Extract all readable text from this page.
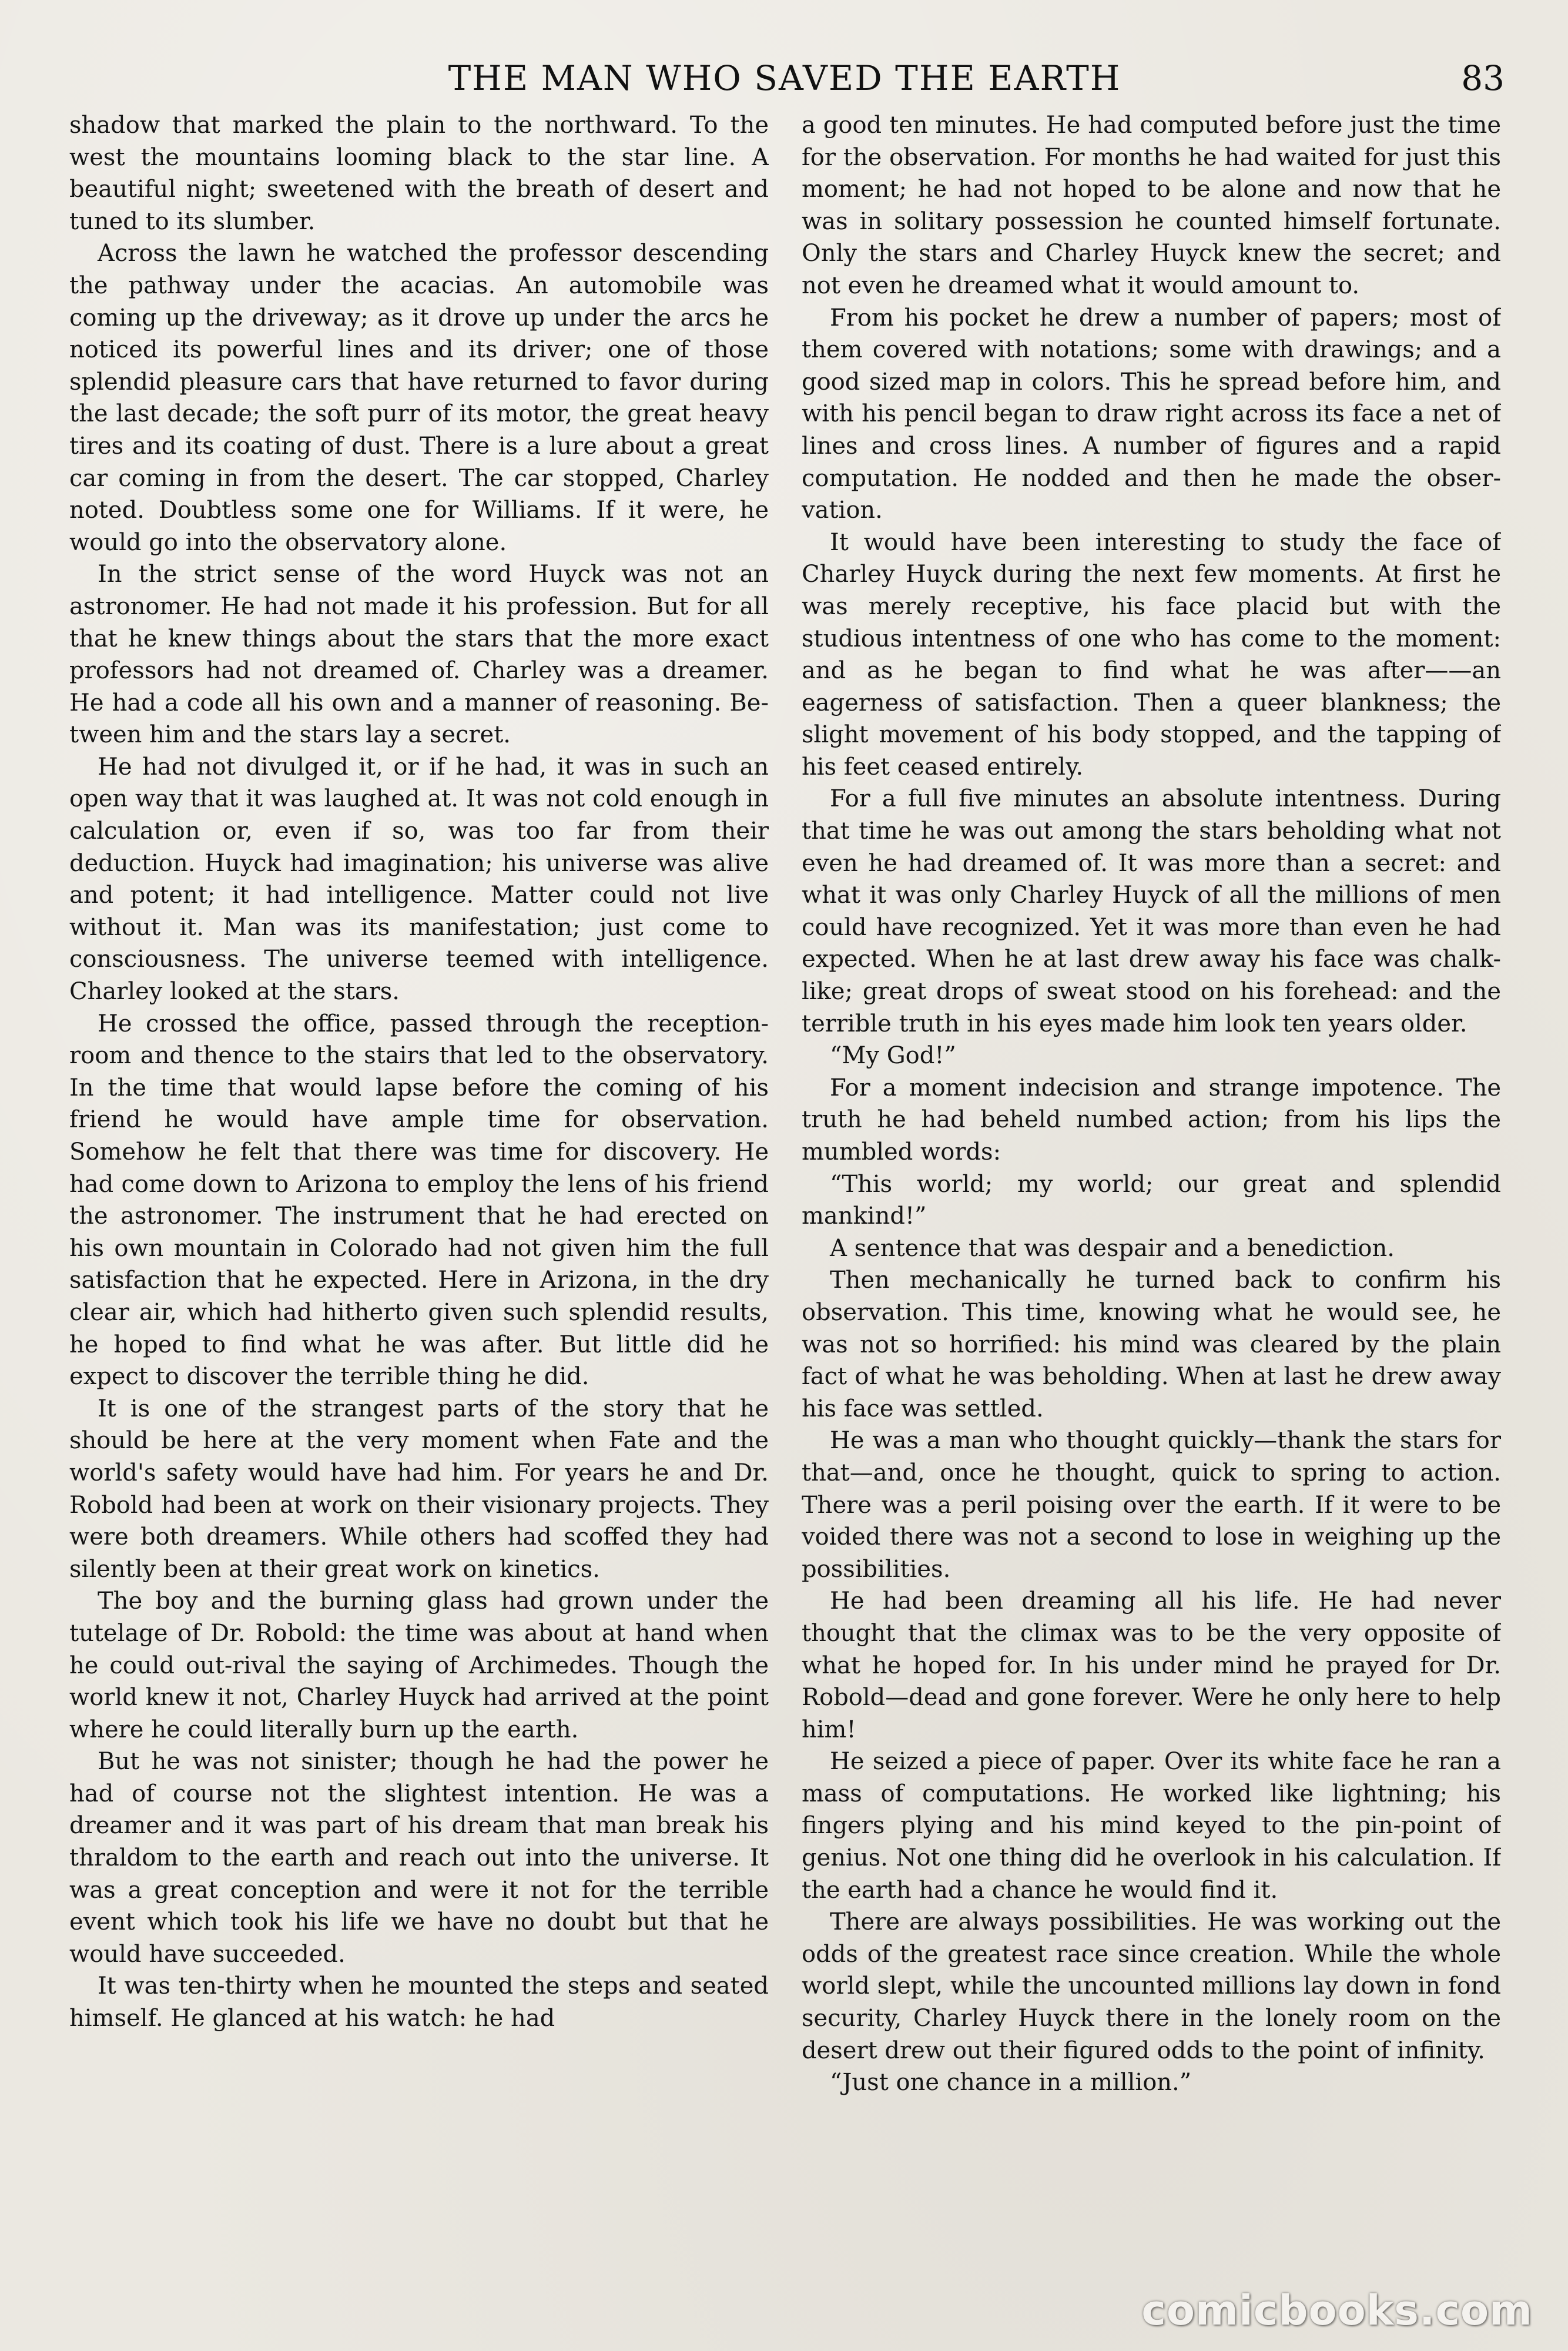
THE MAN WHO SAVED THE EARTH	83

shadow that marked the plain to the northward. To the west the mountains looming black to the star line. A beautiful night; sweetened with the breath of desert and tuned to its slumber.

Across the lawn he watched the professor descending the pathway under the acacias. An automobile was coming up the driveway; as it drove up under the arcs he noticed its powerful lines and its driver; one of those splendid pleasure cars that have returned to favor during the last decade; the soft purr of its motor, the great heavy tires and its coating of dust. There is a lure about a great car coming in from the desert. The car stopped, Charley noted. Doubtless some one for Williams. If it were, he would go into the observatory alone.

In the strict sense of the word Huyck was not an astronomer. He had not made it his profession. But for all that he knew things about the stars that the more exact professors had not dreamed of. Charley was a dreamer. He had a code all his own and a manner of reasoning. Between him and the stars lay a secret.

He had not divulged it, or if he had, it was in such an open way that it was laughed at. It was not cold enough in calculation or, even if so, was too far from their deduction. Huyck had imagination; his universe was alive and potent; it had intelligence. Matter could not live without it. Man was its manifestation; just come to consciousness. The universe teemed with intelligence. Charley looked at the stars.

He crossed the office, passed through the reception-room and thence to the stairs that led to the observatory. In the time that would lapse before the coming of his friend he would have ample time for observation. Somehow he felt that there was time for discovery. He had come down to Arizona to employ the lens of his friend the astronomer. The instrument that he had erected on his own mountain in Colorado had not given him the full satisfaction that he expected. Here in Arizona, in the dry clear air, which had hitherto given such splendid results, he hoped to find what he was after. But little did he expect to discover the terrible thing he did.

It is one of the strangest parts of the story that he should be here at the very moment when Fate and the world's safety would have had him. For years he and Dr. Robold had been at work on their visionary projects. They were both dreamers. While others had scoffed they had silently been at their great work on kinetics.

The boy and the burning glass had grown under the tutelage of Dr. Robold: the time was about at hand when he could out-rival the saying of Archimedes. Though the world knew it not, Charley Huyck had arrived at the point where he could literally burn up the earth.

But he was not sinister; though he had the power he had of course not the slightest intention. He was a dreamer and it was part of his dream that man break his thraldom to the earth and reach out into the universe. It was a great conception and were it not for the terrible event which took his life we have no doubt but that he would have succeeded.

It was ten-thirty when he mounted the steps and seated himself. He glanced at his watch: he had

a good ten minutes. He had computed before just the time for the observation. For months he had waited for just this moment; he had not hoped to be alone and now that he was in solitary possession he counted himself fortunate. Only the stars and Charley Huyck knew the secret; and not even he dreamed what it would amount to.

From his pocket he drew a number of papers; most of them covered with notations; some with drawings; and a good sized map in colors. This he spread before him, and with his pencil began to draw right across its face a net of lines and cross lines. A number of figures and a rapid computation. He nodded and then he made the observation.

It would have been interesting to study the face of Charley Huyck during the next few moments. At first he was merely receptive, his face placid but with the studious intentness of one who has come to the moment: and as he began to find what he was after——an eagerness of satisfaction. Then a queer blankness; the slight movement of his body stopped, and the tapping of his feet ceased entirely.

For a full five minutes an absolute intentness. During that time he was out among the stars beholding what not even he had dreamed of. It was more than a secret: and what it was only Charley Huyck of all the millions of men could have recognized. Yet it was more than even he had expected. When he at last drew away his face was chalk-like; great drops of sweat stood on his forehead: and the terrible truth in his eyes made him look ten years older.

“My God!”

For a moment indecision and strange impotence. The truth he had beheld numbed action; from his lips the mumbled words:

“This world; my world; our great and splendid mankind!”

A sentence that was despair and a benediction.

Then mechanically he turned back to confirm his observation. This time, knowing what he would see, he was not so horrified: his mind was cleared by the plain fact of what he was beholding. When at last he drew away his face was settled.

He was a man who thought quickly—thank the stars for that—and, once he thought, quick to spring to action. There was a peril poising over the earth. If it were to be voided there was not a second to lose in weighing up the possibilities.

He had been dreaming all his life. He had never thought that the climax was to be the very opposite of what he hoped for. In his under mind he prayed for Dr. Robold—dead and gone forever. Were he only here to help him!

He seized a piece of paper. Over its white face he ran a mass of computations. He worked like lightning; his fingers plying and his mind keyed to the pin-point of genius. Not one thing did he overlook in his calculation. If the earth had a chance he would find it.

There are always possibilities. He was working out the odds of the greatest race since creation. While the whole world slept, while the uncounted millions lay down in fond security, Charley Huyck there in the lonely room on the desert drew out their figured odds to the point of infinity.

“Just one chance in a million.”

comicbooks.com
